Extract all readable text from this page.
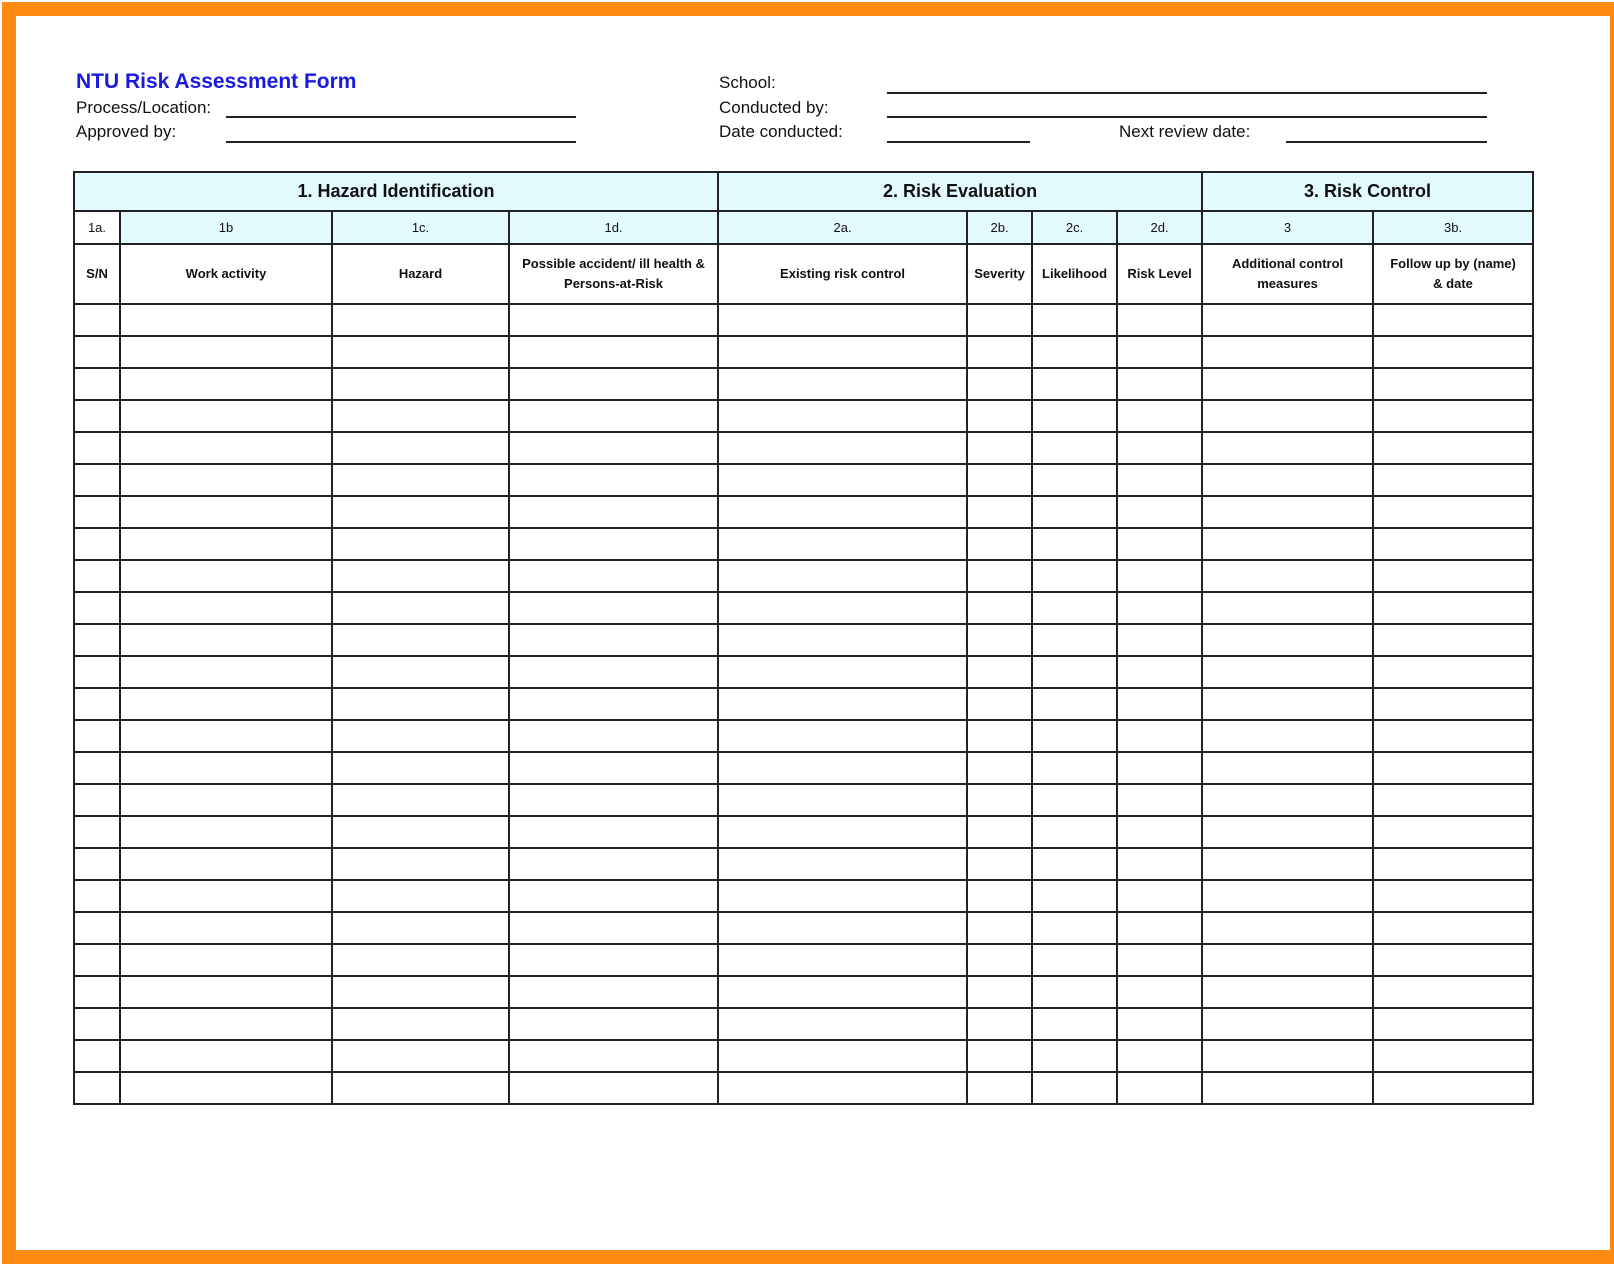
NTU Risk Assessment Form
Process/Location:
Approved by:
School:
Conducted by:
Date conducted:	Next review date:
1. Hazard Identification				2. Risk Evaluation				3. Risk Control	
1a.	1b	1c.	1d.	2a.	2b.	2c.	2d.	3	3b.
S/N	Work activity	Hazard	Possible accident/ ill health & Persons-at-Risk	Existing risk control	Severity	Likelihood	Risk Level	Additional control measures	Follow up by (name) & date
